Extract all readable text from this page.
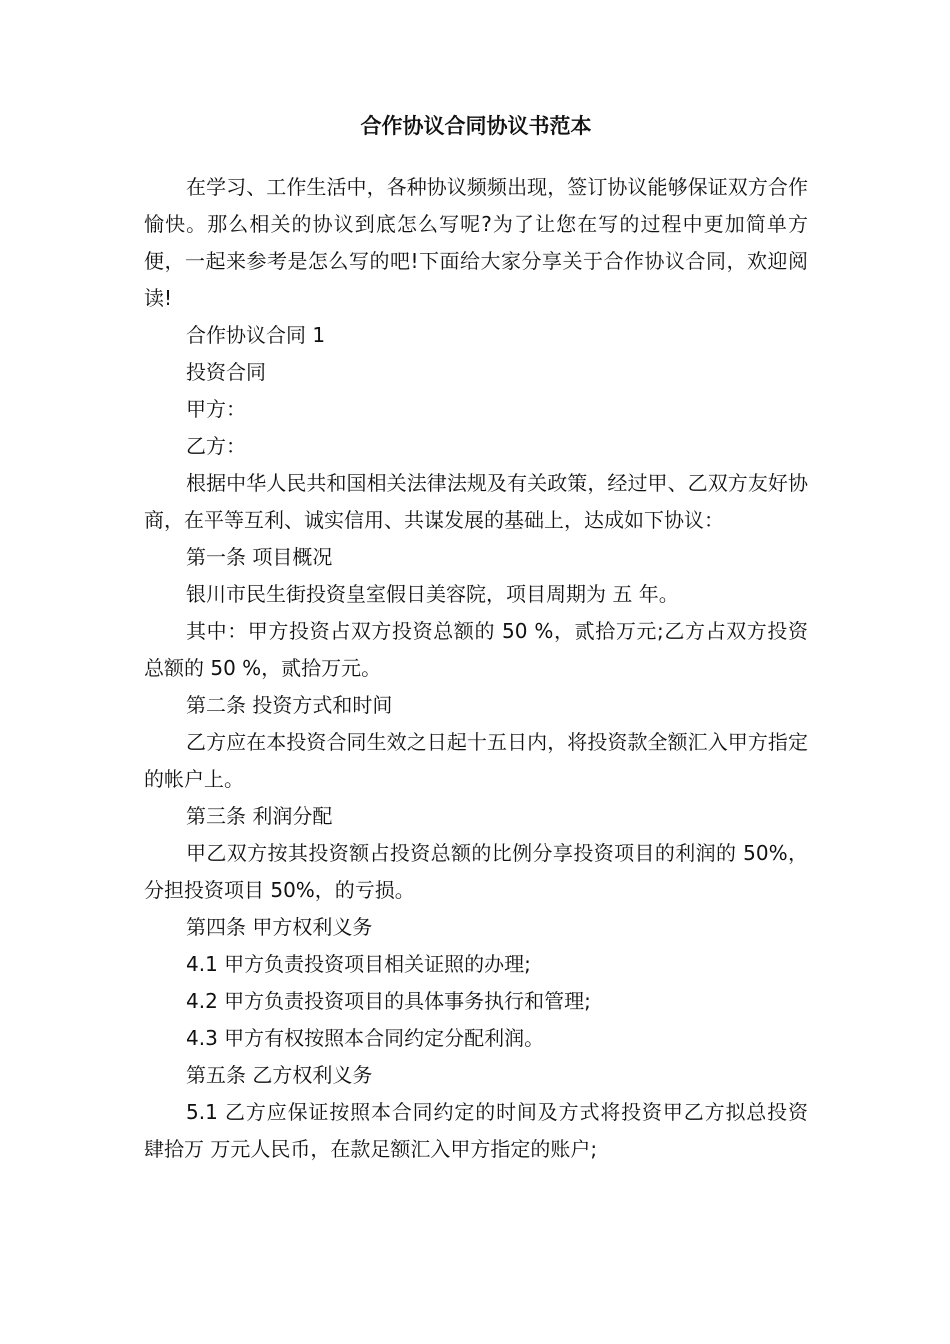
合作协议合同协议书范本

在学习、工作生活中，各种协议频频出现，签订协议能够保证双方合作愉快。那么相关的协议到底怎么写呢?为了让您在写的过程中更加简单方便，一起来参考是怎么写的吧!下面给大家分享关于合作协议合同，欢迎阅读!

合作协议合同 1

投资合同

甲方：

乙方：

根据中华人民共和国相关法律法规及有关政策，经过甲、乙双方友好协商，在平等互利、诚实信用、共谋发展的基础上，达成如下协议：

第一条 项目概况

银川市民生街投资皇室假日美容院，项目周期为 五 年。

其中：甲方投资占双方投资总额的 50 %，贰拾万元;乙方占双方投资总额的 50 %，贰拾万元。

第二条 投资方式和时间

乙方应在本投资合同生效之日起十五日内，将投资款全额汇入甲方指定的帐户上。

第三条 利润分配

甲乙双方按其投资额占投资总额的比例分享投资项目的利润的 50%，分担投资项目 50%，的亏损。

第四条 甲方权利义务

4.1 甲方负责投资项目相关证照的办理;

4.2 甲方负责投资项目的具体事务执行和管理;

4.3 甲方有权按照本合同约定分配利润。

第五条 乙方权利义务

5.1 乙方应保证按照本合同约定的时间及方式将投资甲乙方拟总投资 肆拾万 万元人民币，在款足额汇入甲方指定的账户;
